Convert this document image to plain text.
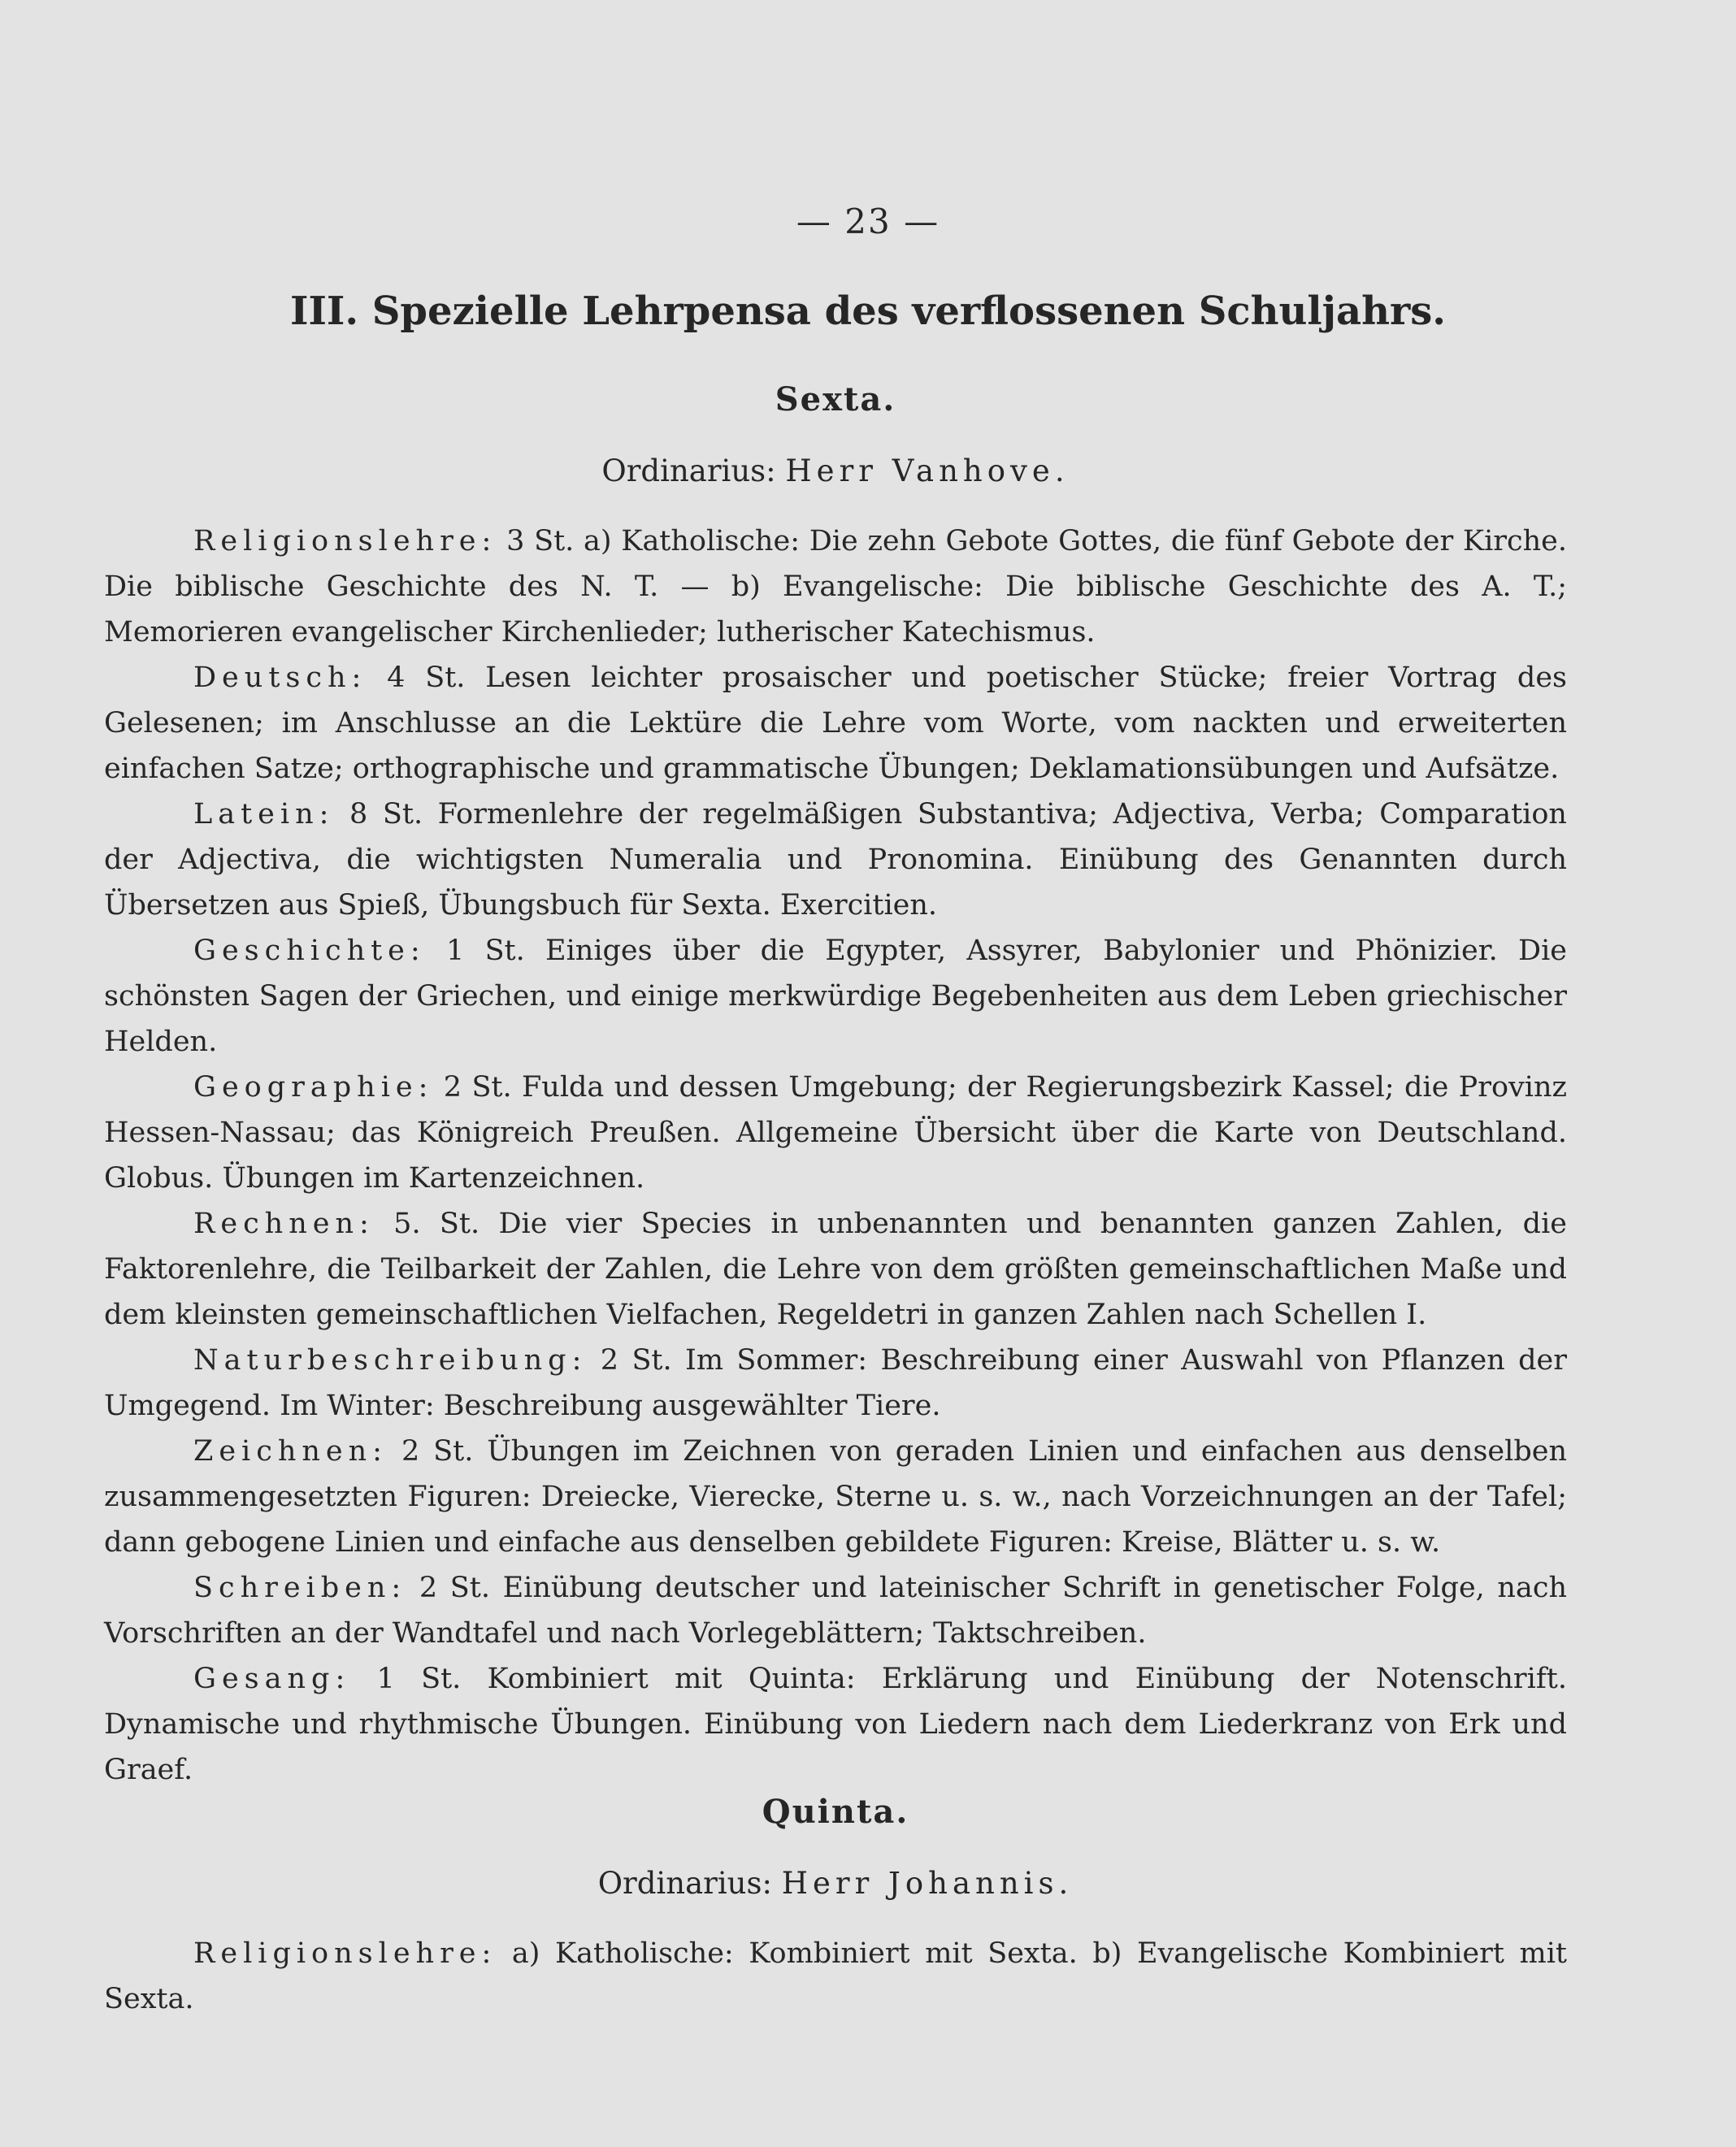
— 23 —
III. Spezielle Lehrpensa des verflossenen Schuljahrs.
Sexta.
Ordinarius: Herr Vanhove.

Religionslehre: 3 St. a) Katholische: Die zehn Gebote Gottes, die fünf Gebote der Kirche. Die biblische Geschichte des N. T. — b) Evangelische: Die biblische Geschichte des A. T.; Memorieren evangelischer Kirchenlieder; lutherischer Katechismus.

Deutsch: 4 St. Lesen leichter prosaischer und poetischer Stücke; freier Vortrag des Gelesenen; im Anschlusse an die Lektüre die Lehre vom Worte, vom nackten und erweiterten einfachen Satze; orthographische und grammatische Übungen; Deklamationsübungen und Aufsätze.

Latein: 8 St. Formenlehre der regelmäßigen Substantiva; Adjectiva, Verba; Comparation der Adjectiva, die wichtigsten Numeralia und Pronomina. Einübung des Genannten durch Übersetzen aus Spieß, Übungsbuch für Sexta. Exercitien.

Geschichte: 1 St. Einiges über die Egypter, Assyrer, Babylonier und Phönizier. Die schönsten Sagen der Griechen, und einige merkwürdige Begebenheiten aus dem Leben griechischer Helden.

Geographie: 2 St. Fulda und dessen Umgebung; der Regierungsbezirk Kassel; die Provinz Hessen-Nassau; das Königreich Preußen. Allgemeine Übersicht über die Karte von Deutschland. Globus. Übungen im Kartenzeichnen.

Rechnen: 5. St. Die vier Species in unbenannten und benannten ganzen Zahlen, die Faktorenlehre, die Teilbarkeit der Zahlen, die Lehre von dem größten gemeinschaftlichen Maße und dem kleinsten gemeinschaftlichen Vielfachen, Regeldetri in ganzen Zahlen nach Schellen I.

Naturbeschreibung: 2 St. Im Sommer: Beschreibung einer Auswahl von Pflanzen der Umgegend. Im Winter: Beschreibung ausgewählter Tiere.

Zeichnen: 2 St. Übungen im Zeichnen von geraden Linien und einfachen aus denselben zusammengesetzten Figuren: Dreiecke, Vierecke, Sterne u. s. w., nach Vorzeichnungen an der Tafel; dann gebogene Linien und einfache aus denselben gebildete Figuren: Kreise, Blätter u. s. w.

Schreiben: 2 St. Einübung deutscher und lateinischer Schrift in genetischer Folge, nach Vorschriften an der Wandtafel und nach Vorlegeblättern; Taktschreiben.

Gesang: 1 St. Kombiniert mit Quinta: Erklärung und Einübung der Notenschrift. Dynamische und rhythmische Übungen. Einübung von Liedern nach dem Liederkranz von Erk und Graef.

Quinta.
Ordinarius: Herr Johannis.

Religionslehre: a) Katholische: Kombiniert mit Sexta. b) Evangelische Kombiniert mit Sexta.
